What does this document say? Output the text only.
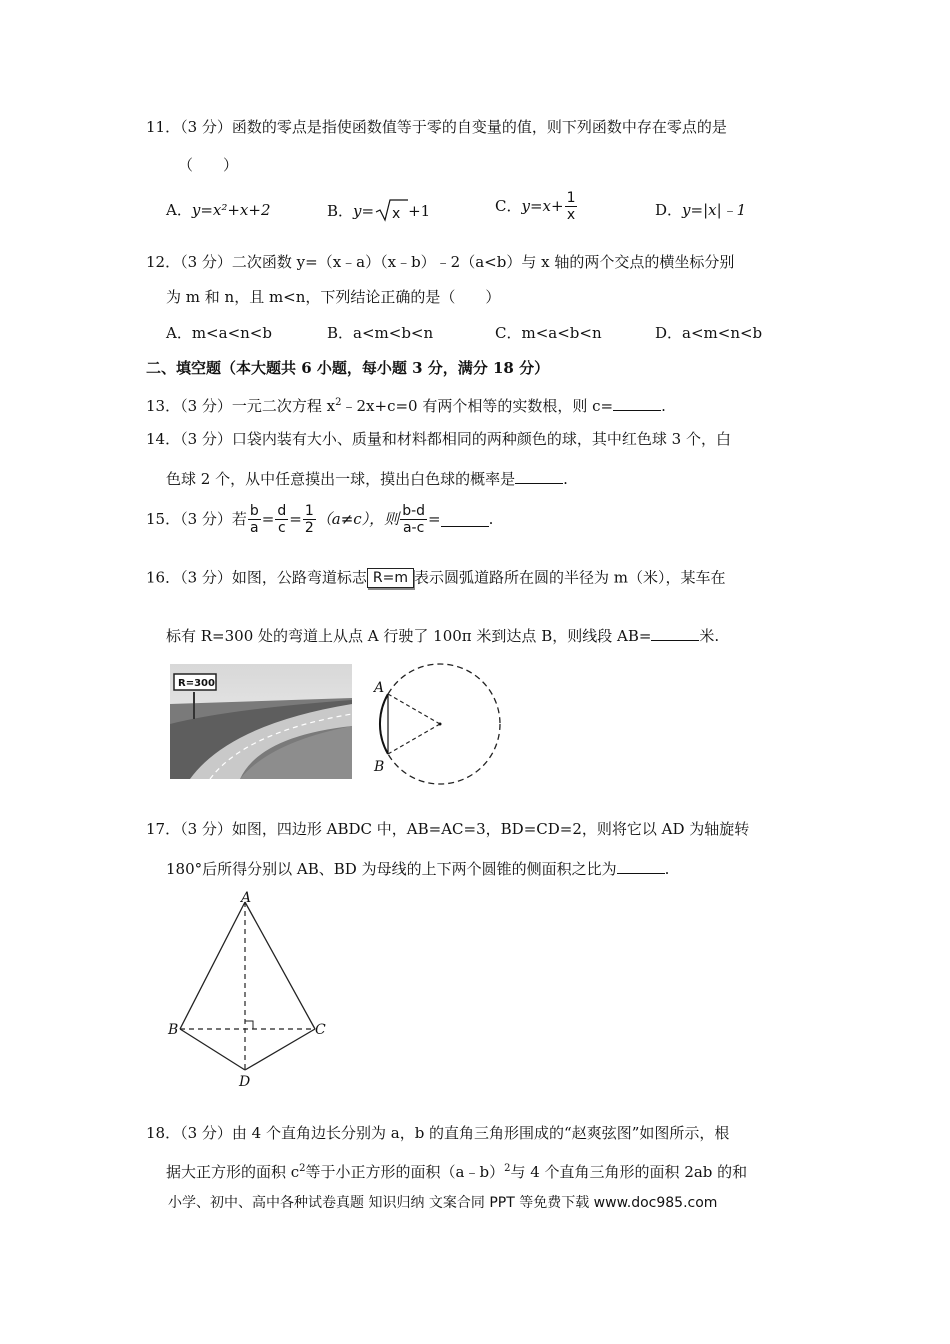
11．（3 分）函数的零点是指使函数值等于零的自变量的值，则下列函数中存在零点的是
（　　）
A．y=x²+x+2	B．y= x +1	C．$y=x+ \frac{1}{x}$	D．y=|x|﹣1
12．（3 分）二次函数 y=（x﹣a）（x﹣b）﹣2（a<b）与 x 轴的两个交点的横坐标分别
为 m 和 n，且 m<n，下列结论正确的是（　　）
A．m<a<n<b	B．a<m<b<n	C．m<a<b<n	D．a<m<n<b
二、填空题（本大题共 6 小题，每小题 3 分，满分 18 分）
13．（3 分）一元二次方程 $x^2﹣2x+c=0$ 有两个相等的实数根，则 c=	.
14．（3 分）口袋内装有大小、质量和材料都相同的两种颜色的球，其中红色球 3 个，白
色球 2 个，从中任意摸出一球，摸出白色球的概率是	.
15．（3 分）若 $\frac{b}{a} = \frac{d}{c} = \frac{1}{2} (a\ne c)$，则 $\frac{b-d}{a-c}$ =	.
16．（3 分）如图，公路弯道标志 R=m 表示圆弧道路所在圆的半径为 m（米），某车在
标有 R=300 处的弯道上从点 A 行驶了 100π 米到达点 B，则线段 AB=	米.
R=300	A
B
17．（3 分）如图，四边形 ABDC 中，AB=AC=3，BD=CD=2，则将它以 AD 为轴旋转
180°后所得分别以 AB、BD 为母线的上下两个圆锥的侧面积之比为	.
A
B	C
D
18．（3 分）由 4 个直角边长分别为 a，b 的直角三角形围成的“赵爽弦图”如图所示，根
据大正方形的面积 $c^2$等于小正方形的面积（a﹣b）$^2$与 4 个直角三角形的面积 2ab 的和
小学、初中、高中各种试卷真题 知识归纳 文案合同 PPT 等免费下载 www.doc985.com
